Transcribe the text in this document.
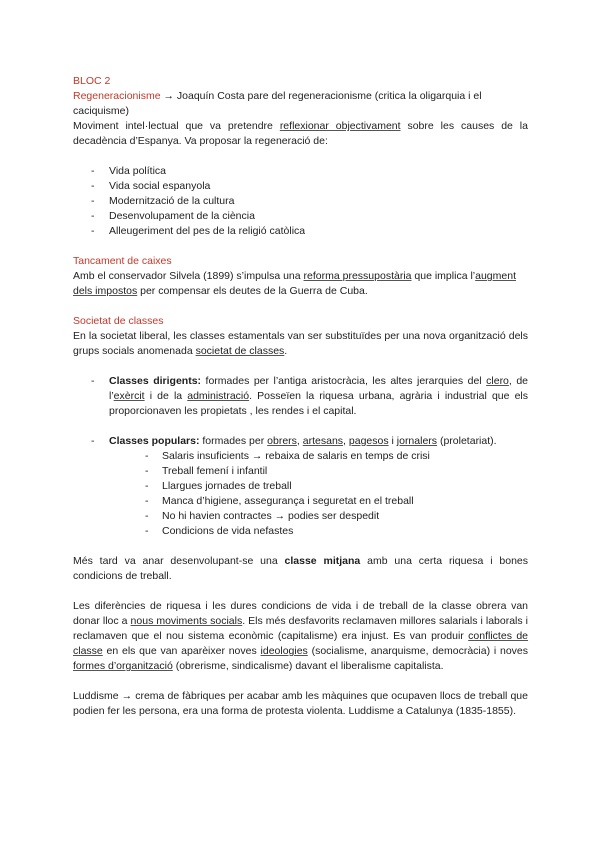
BLOC 2

Regeneracionisme → Joaquín Costa pare del regeneracionisme (critica la oligarquia i el caciquisme)

Moviment intel·lectual que va pretendre reflexionar objectivament sobre les causes de la decadència d’Espanya. Va proposar la regeneració de:

- Vida política
- Vida social espanyola
- Modernització de la cultura
- Desenvolupament de la ciència
- Alleugeriment del pes de la religió catòlica

Tancament de caixes

Amb el conservador Silvela (1899) s’impulsa una reforma pressupostària que implica l’augment dels impostos per compensar els deutes de la Guerra de Cuba.

Societat de classes

En la societat liberal, les classes estamentals van ser substituïdes per una nova organització dels grups socials anomenada societat de classes.

- Classes dirigents: formades per l’antiga aristocràcia, les altes jerarquies del clero, de l’exèrcit i de la administració. Posseïen la riquesa urbana, agrària i industrial que els proporcionaven les propietats , les rendes i el capital.
- Classes populars: formades per obrers, artesans, pagesos i jornalers (proletariat).
- Salaris insuficients → rebaixa de salaris en temps de crisi
- Treball femení i infantil
- Llargues jornades de treball
- Manca d’higiene, assegurança i seguretat en el treball
- No hi havien contractes → podies ser despedit
- Condicions de vida nefastes

Més tard va anar desenvolupant-se una classe mitjana amb una certa riquesa i bones condicions de treball.

Les diferències de riquesa i les dures condicions de vida i de treball de la classe obrera van donar lloc a nous moviments socials. Els més desfavorits reclamaven millores salarials i laborals i reclamaven que el nou sistema econòmic (capitalisme) era injust. Es van produir conflictes de classe en els que van aparèixer noves ideologies (socialisme, anarquisme, democràcia) i noves formes d’organització (obrerisme, sindicalisme) davant el liberalisme capitalista.

Luddisme → crema de fàbriques per acabar amb les màquines que ocupaven llocs de treball que podien fer les persona, era una forma de protesta violenta. Luddisme a Catalunya (1835-1855).
